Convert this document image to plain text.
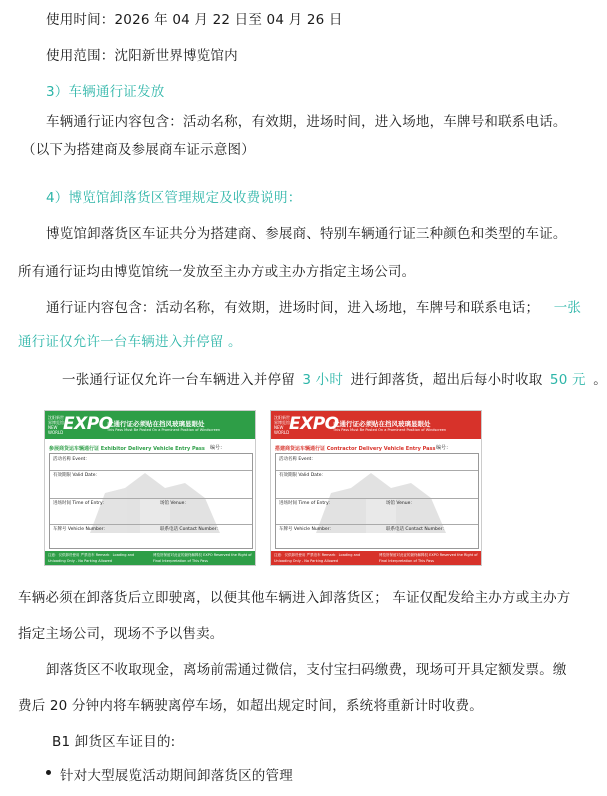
使用时间：2026 年 04 月 22 日至 04 月 26 日
使用范围：沈阳新世界博览馆内
3）车辆通行证发放
车辆通行证内容包含：活动名称，有效期，进场时间，进入场地，车牌号和联系电话。
（以下为搭建商及参展商车证示意图）
4）博览馆卸落货区管理规定及收费说明：
博览馆卸落货区车证共分为搭建商、参展商、特别车辆通行证三种颜色和类型的车证。
所有通行证均由博览馆统一发放至主办方或主办方指定主场公司。
通行证内容包含：活动名称，有效期，进场时间，进入场地，车牌号和联系电话； 一张
通行证仅允许一台车辆进入并停留 。
一张通行证仅允许一台车辆进入并停留 3 小时 进行卸落货，超出后每小时收取 50 元 。
沈阳新世界博览馆 NEW WORLD EXPO
此通行证必须贴在挡风玻璃显眼处
This Pass Must Be Posted On a Prominent Position of Windscreen
参展商货运车辆通行证 Exhibitor Delivery Vehicle Entry Pass 编号：
活动名称 Event：
有效期限 Valid Date：
进场时间 Time of Entry：	场馆 Venue：
车牌号 Vehicle Number：	联系电话 Contact Number：
注意：仅供卸货使用 严禁泊车 Remark：Loading and Unloading Only - No Parking Allowed
博览馆保留对此证的最终解释权 EXPO Reserved the Right of Final Interpretation of This Pass
沈阳新世界博览馆 NEW WORLD EXPO
此通行证必须贴在挡风玻璃显眼处
This Pass Must Be Posted On a Prominent Position of Windscreen
搭建商货运车辆通行证 Contractor Delivery Vehicle Entry Pass 编号：
活动名称 Event：
有效期限 Valid Date：
进场时间 Time of Entry：	场馆 Venue：
车牌号 Vehicle Number：	联系电话 Contact Number：
注意：仅供卸货使用 严禁泊车 Remark：Loading and Unloading Only - No Parking Allowed
博览馆保留对此证的最终解释权 EXPO Reserved the Right of Final Interpretation of This Pass
车辆必须在卸落货后立即驶离，以便其他车辆进入卸落货区； 车证仅配发给主办方或主办方
指定主场公司，现场不予以售卖。
卸落货区不收取现金，离场前需通过微信，支付宝扫码缴费，现场可开具定额发票。缴
费后 20 分钟内将车辆驶离停车场，如超出规定时间，系统将重新计时收费。
B1 卸货区车证目的:
针对大型展览活动期间卸落货区的管理
